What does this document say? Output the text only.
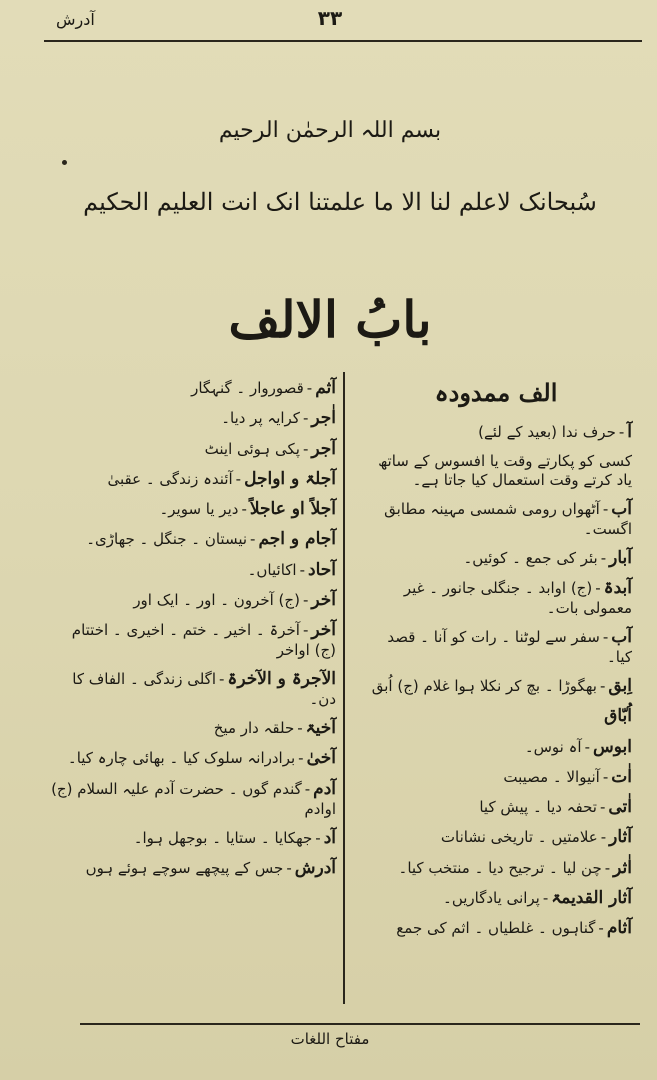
آدرش	۳۳
بسم اللہ الرحمٰن الرحیم
سُبحانک لاعلم لنا الا ما علمتنا انک انت العلیم الحکیم
بابُ الالف
الف ممدودہ
آ-حرف ندا (بعید کے لئے)
کسی کو پکارتے وقت یا افسوس کے ساتھ یاد کرتے وقت استعمال کیا جاتا ہے۔
آب-آٹھواں رومی شمسی مہینہ مطابق اگست۔
آبار-بئر کی جمع ۔ کوئیں۔
آبدۃ-(ج) اوابد ۔ جنگلی جانور ۔ غیر معمولی بات۔
آب-سفر سے لوٹنا ۔ رات کو آنا ۔ قصد کیا۔
اِبق-بھگوڑا ۔ بچ کر نکلا ہوا غلام (ج) اُبق
اُبّاق
ابوس-آہ نوس۔
اٰت-آنیوالا ۔ مصیبت
اٰتی-تحفہ دیا ۔ پیش کیا
آثار-علامتیں ۔ تاریخی نشانات
اٰثر-چن لیا ۔ ترجیح دیا ۔ منتخب کیا۔
آثار القدیمۃ-پرانی یادگاریں۔
آثام-گناہوں ۔ غلطیاں ۔ اثم کی جمع
آثم-قصوروار ۔ گنہگار
اٰجر-کرایہ پر دیا۔
آجر-پکی ہوئی اینٹ
آجلۃ و اواجل-آئندہ زندگی ۔ عقبیٰ
آجلاً او عاجلاً-دیر یا سویر۔
آجام و اجم-نیستان ۔ جنگل ۔ جھاڑی۔
آحاد-اکائیاں۔
آخر-(ج) آخرون ۔ اور ۔ ایک اور
آخر-آخرۃ ۔ اخیر ۔ ختم ۔ اخیری ۔ اختتام (ج) اواخر
الآجرۃ و الآخرۃ-اگلی زندگی ۔ الفاف کا دن۔
آخیۃ-حلقہ دار میخ
آخیٰ-برادرانہ سلوک کیا ۔ بھائی چارہ کیا۔
آدم-گندم گوں ۔ حضرت آدم علیہ السلام (ج) اوادم
آد-جھکایا ۔ ستایا ۔ بوجھل ہوا۔
آدرش-جس کے پیچھے سوچے ہوئے ہوں
مفتاح اللغات
